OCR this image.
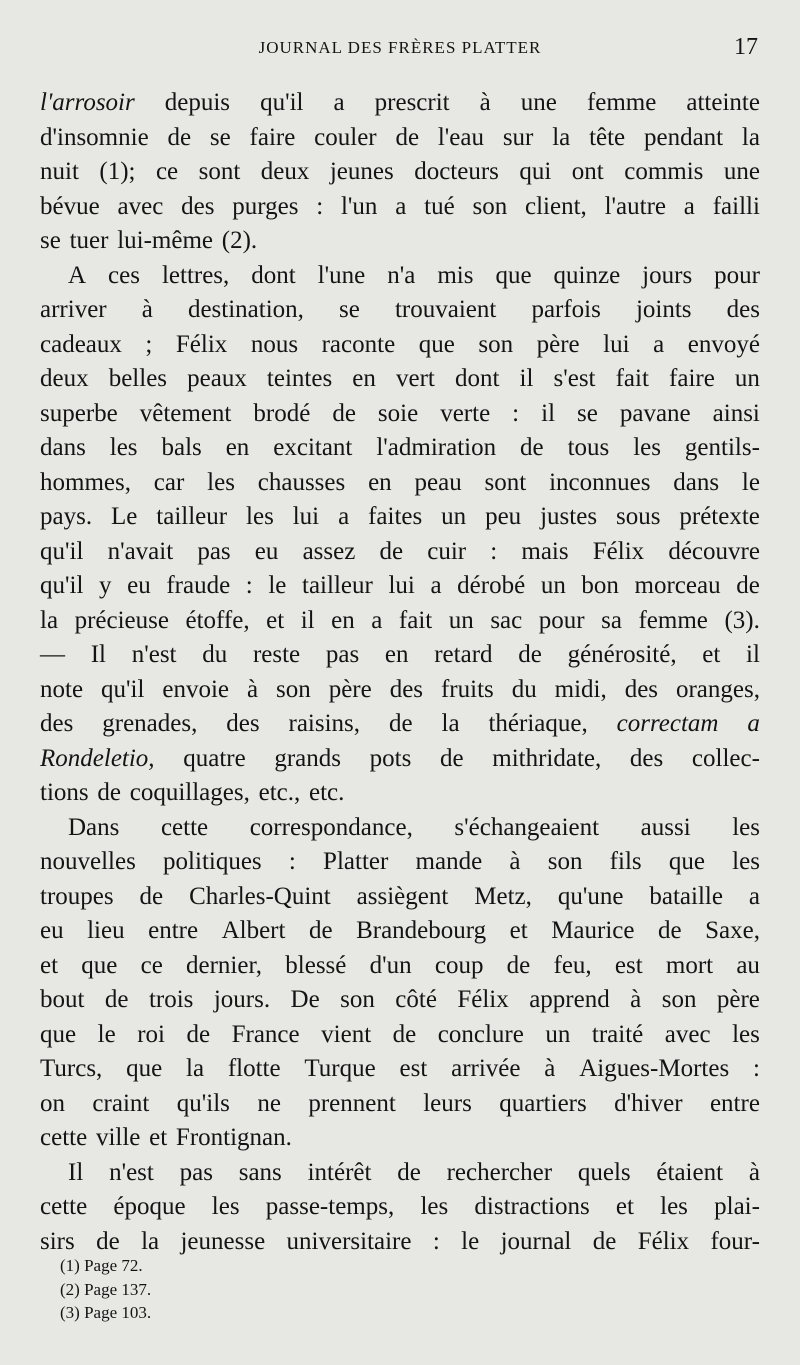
JOURNAL DES FRÈRES PLATTER	17
l'arrosoir depuis qu'il a prescrit à une femme atteinte
d'insomnie de se faire couler de l'eau sur la tête pendant la
nuit (1); ce sont deux jeunes docteurs qui ont commis une
bévue avec des purges : l'un a tué son client, l'autre a failli
se tuer lui-même (2).
A ces lettres, dont l'une n'a mis que quinze jours pour
arriver à destination, se trouvaient parfois joints des
cadeaux ; Félix nous raconte que son père lui a envoyé
deux belles peaux teintes en vert dont il s'est fait faire un
superbe vêtement brodé de soie verte : il se pavane ainsi
dans les bals en excitant l'admiration de tous les gentils-
hommes, car les chausses en peau sont inconnues dans le
pays. Le tailleur les lui a faites un peu justes sous prétexte
qu'il n'avait pas eu assez de cuir : mais Félix découvre
qu'il y eu fraude : le tailleur lui a dérobé un bon morceau de
la précieuse étoffe, et il en a fait un sac pour sa femme (3).
— Il n'est du reste pas en retard de générosité, et il
note qu'il envoie à son père des fruits du midi, des oranges,
des grenades, des raisins, de la thériaque, correctam a
Rondeletio, quatre grands pots de mithridate, des collec-
tions de coquillages, etc., etc.
Dans cette correspondance, s'échangeaient aussi les
nouvelles politiques : Platter mande à son fils que les
troupes de Charles-Quint assiègent Metz, qu'une bataille a
eu lieu entre Albert de Brandebourg et Maurice de Saxe,
et que ce dernier, blessé d'un coup de feu, est mort au
bout de trois jours. De son côté Félix apprend à son père
que le roi de France vient de conclure un traité avec les
Turcs, que la flotte Turque est arrivée à Aigues-Mortes :
on craint qu'ils ne prennent leurs quartiers d'hiver entre
cette ville et Frontignan.
Il n'est pas sans intérêt de rechercher quels étaient à
cette époque les passe-temps, les distractions et les plai-
sirs de la jeunesse universitaire : le journal de Félix four-
(1) Page 72.
(2) Page 137.
(3) Page 103.
